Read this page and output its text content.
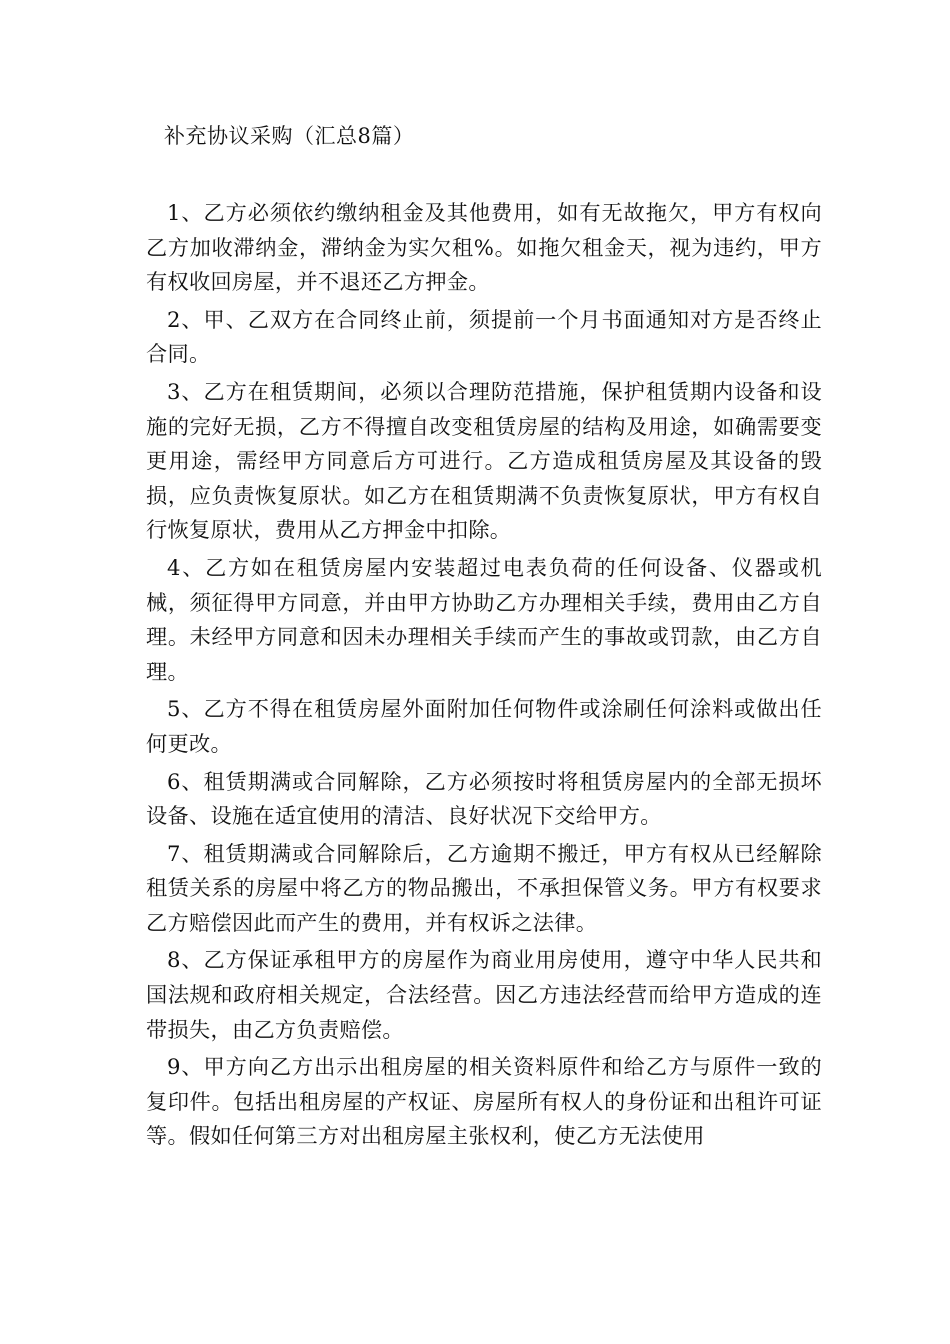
补充协议采购（汇总8篇）

1、乙方必须依约缴纳租金及其他费用，如有无故拖欠，甲方有权向乙方加收滞纳金，滞纳金为实欠租%。如拖欠租金天，视为违约，甲方有权收回房屋，并不退还乙方押金。

2、甲、乙双方在合同终止前，须提前一个月书面通知对方是否终止合同。

3、乙方在租赁期间，必须以合理防范措施，保护租赁期内设备和设施的完好无损，乙方不得擅自改变租赁房屋的结构及用途，如确需要变更用途，需经甲方同意后方可进行。乙方造成租赁房屋及其设备的毁损，应负责恢复原状。如乙方在租赁期满不负责恢复原状，甲方有权自行恢复原状，费用从乙方押金中扣除。

4、乙方如在租赁房屋内安装超过电表负荷的任何设备、仪器或机械，须征得甲方同意，并由甲方协助乙方办理相关手续，费用由乙方自理。未经甲方同意和因未办理相关手续而产生的事故或罚款，由乙方自理。

5、乙方不得在租赁房屋外面附加任何物件或涂刷任何涂料或做出任何更改。

6、租赁期满或合同解除，乙方必须按时将租赁房屋内的全部无损坏设备、设施在适宜使用的清洁、良好状况下交给甲方。

7、租赁期满或合同解除后，乙方逾期不搬迁，甲方有权从已经解除租赁关系的房屋中将乙方的物品搬出，不承担保管义务。甲方有权要求乙方赔偿因此而产生的费用，并有权诉之法律。

8、乙方保证承租甲方的房屋作为商业用房使用，遵守中华人民共和国法规和政府相关规定，合法经营。因乙方违法经营而给甲方造成的连带损失，由乙方负责赔偿。

9、甲方向乙方出示出租房屋的相关资料原件和给乙方与原件一致的复印件。包括出租房屋的产权证、房屋所有权人的身份证和出租许可证等。假如任何第三方对出租房屋主张权利，使乙方无法使用
